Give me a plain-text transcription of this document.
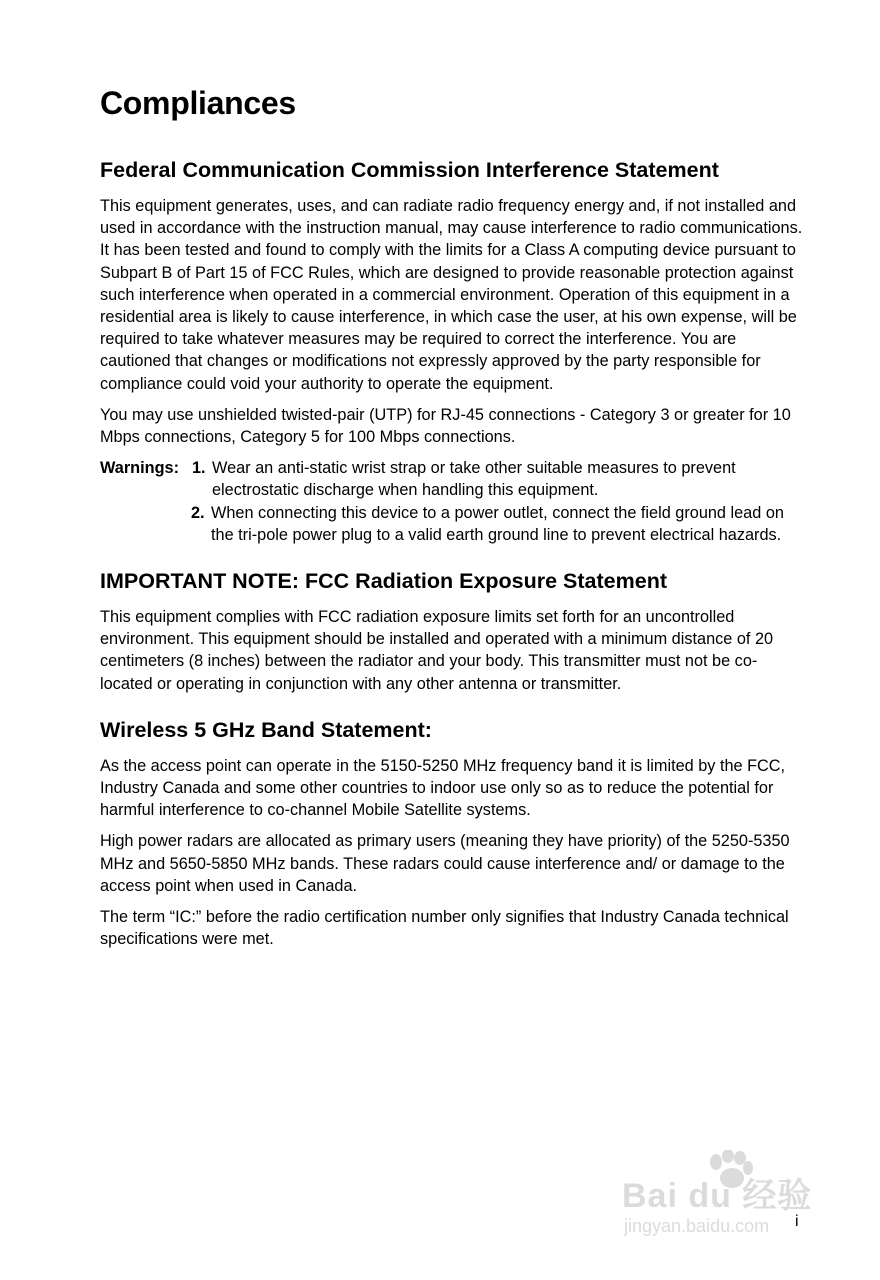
Compliances
Federal Communication Commission Interference Statement

This equipment generates, uses, and can radiate radio frequency energy and, if not installed and used in accordance with the instruction manual, may cause interference to radio communications. It has been tested and found to comply with the limits for a Class A computing device pursuant to Subpart B of Part 15 of FCC Rules, which are designed to provide reasonable protection against such interference when operated in a commercial environment. Operation of this equipment in a residential area is likely to cause interference, in which case the user, at his own expense, will be required to take whatever measures may be required to correct the interference. You are cautioned that changes or modifications not expressly approved by the party responsible for compliance could void your authority to operate the equipment.

You may use unshielded twisted-pair (UTP) for RJ-45 connections - Category 3 or greater for 10 Mbps connections, Category 5 for 100 Mbps connections.

Warnings: 1. Wear an anti-static wrist strap or take other suitable measures to prevent electrostatic discharge when handling this equipment.
2. When connecting this device to a power outlet, connect the field ground lead on the tri-pole power plug to a valid earth ground line to prevent electrical hazards.
IMPORTANT NOTE: FCC Radiation Exposure Statement

This equipment complies with FCC radiation exposure limits set forth for an uncontrolled environment. This equipment should be installed and operated with a minimum distance of 20 centimeters (8 inches) between the radiator and your body. This transmitter must not be co-located or operating in conjunction with any other antenna or transmitter.

Wireless 5 GHz Band Statement:

As the access point can operate in the 5150-5250 MHz frequency band it is limited by the FCC, Industry Canada and some other countries to indoor use only so as to reduce the potential for harmful interference to co-channel Mobile Satellite systems.

High power radars are allocated as primary users (meaning they have priority) of the 5250-5350 MHz and 5650-5850 MHz bands. These radars could cause interference and/ or damage to the access point when used in Canada.

The term “IC:” before the radio certification number only signifies that Industry Canada technical specifications were met.

Bai du 经验
jingyan.baidu.com i
